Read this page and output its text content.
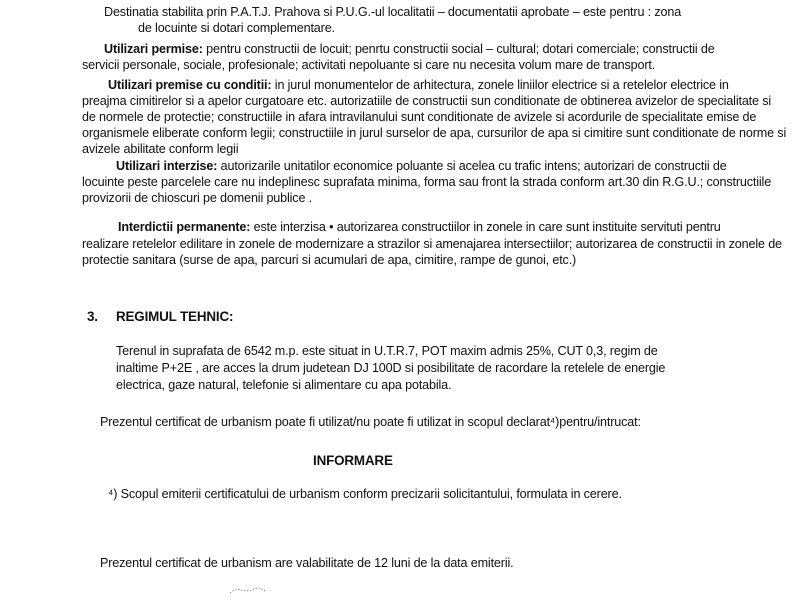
Destinatia stabilita prin P.A.T.J. Prahova si P.U.G.-ul localitatii – documentatii aprobate – este pentru : zona
de locuinte si dotari complementare.
Utilizari permise: pentru constructii de locuit; penrtu constructii social – cultural; dotari comerciale; constructii de
servicii personale, sociale, profesionale; activitati nepoluante si care nu necesita volum mare de transport.
Utilizari premise cu conditii: in jurul monumentelor de arhitectura, zonele liniilor electrice si a retelelor electrice in
preajma cimitirelor si a apelor curgatoare etc. autorizatiile de constructii sun conditionate de obtinerea avizelor de specialitate si
de normele de protectie; constructiile in afara intravilanului sunt conditionate de avizele si acordurile de specialitate emise de
organismele eliberate conform legii; constructiile in jurul surselor de apa, cursurilor de apa si cimitire sunt conditionate de norme si
avizele abilitate conform legii
Utilizari interzise: autorizarile unitatilor economice poluante si acelea cu trafic intens; autorizari de constructii de
locuinte peste parcelele care nu indeplinesc suprafata minima, forma sau front la strada conform art.30 din R.G.U.; constructiile
provizorii de chioscuri pe domenii publice .
Interdictii permanente: este interzisa • autorizarea constructiilor in zonele in care sunt instituite servituti pentru
realizare retelelor edilitare in zonele de modernizare a strazilor si amenajarea intersectiilor; autorizarea de constructii in zonele de
protectie sanitara (surse de apa, parcuri si acumulari de apa, cimitire, rampe de gunoi, etc.)
3. REGIMUL TEHNIC:
Terenul in suprafata de 6542 m.p. este situat in U.T.R.7, POT maxim admis 25%, CUT 0,3, regim de
inaltime P+2E , are acces la drum judetean DJ 100D si posibilitate de racordare la retelele de energie
electrica, gaze natural, telefonie si alimentare cu apa potabila.
Prezentul certificat de urbanism poate fi utilizat/nu poate fi utilizat in scopul declarat⁴)pentru/intrucat:
INFORMARE
⁴) Scopul emiterii certificatului de urbanism conform precizarii solicitantului, formulata in cerere.
Prezentul certificat de urbanism are valabilitate de 12 luni de la data emiterii.
